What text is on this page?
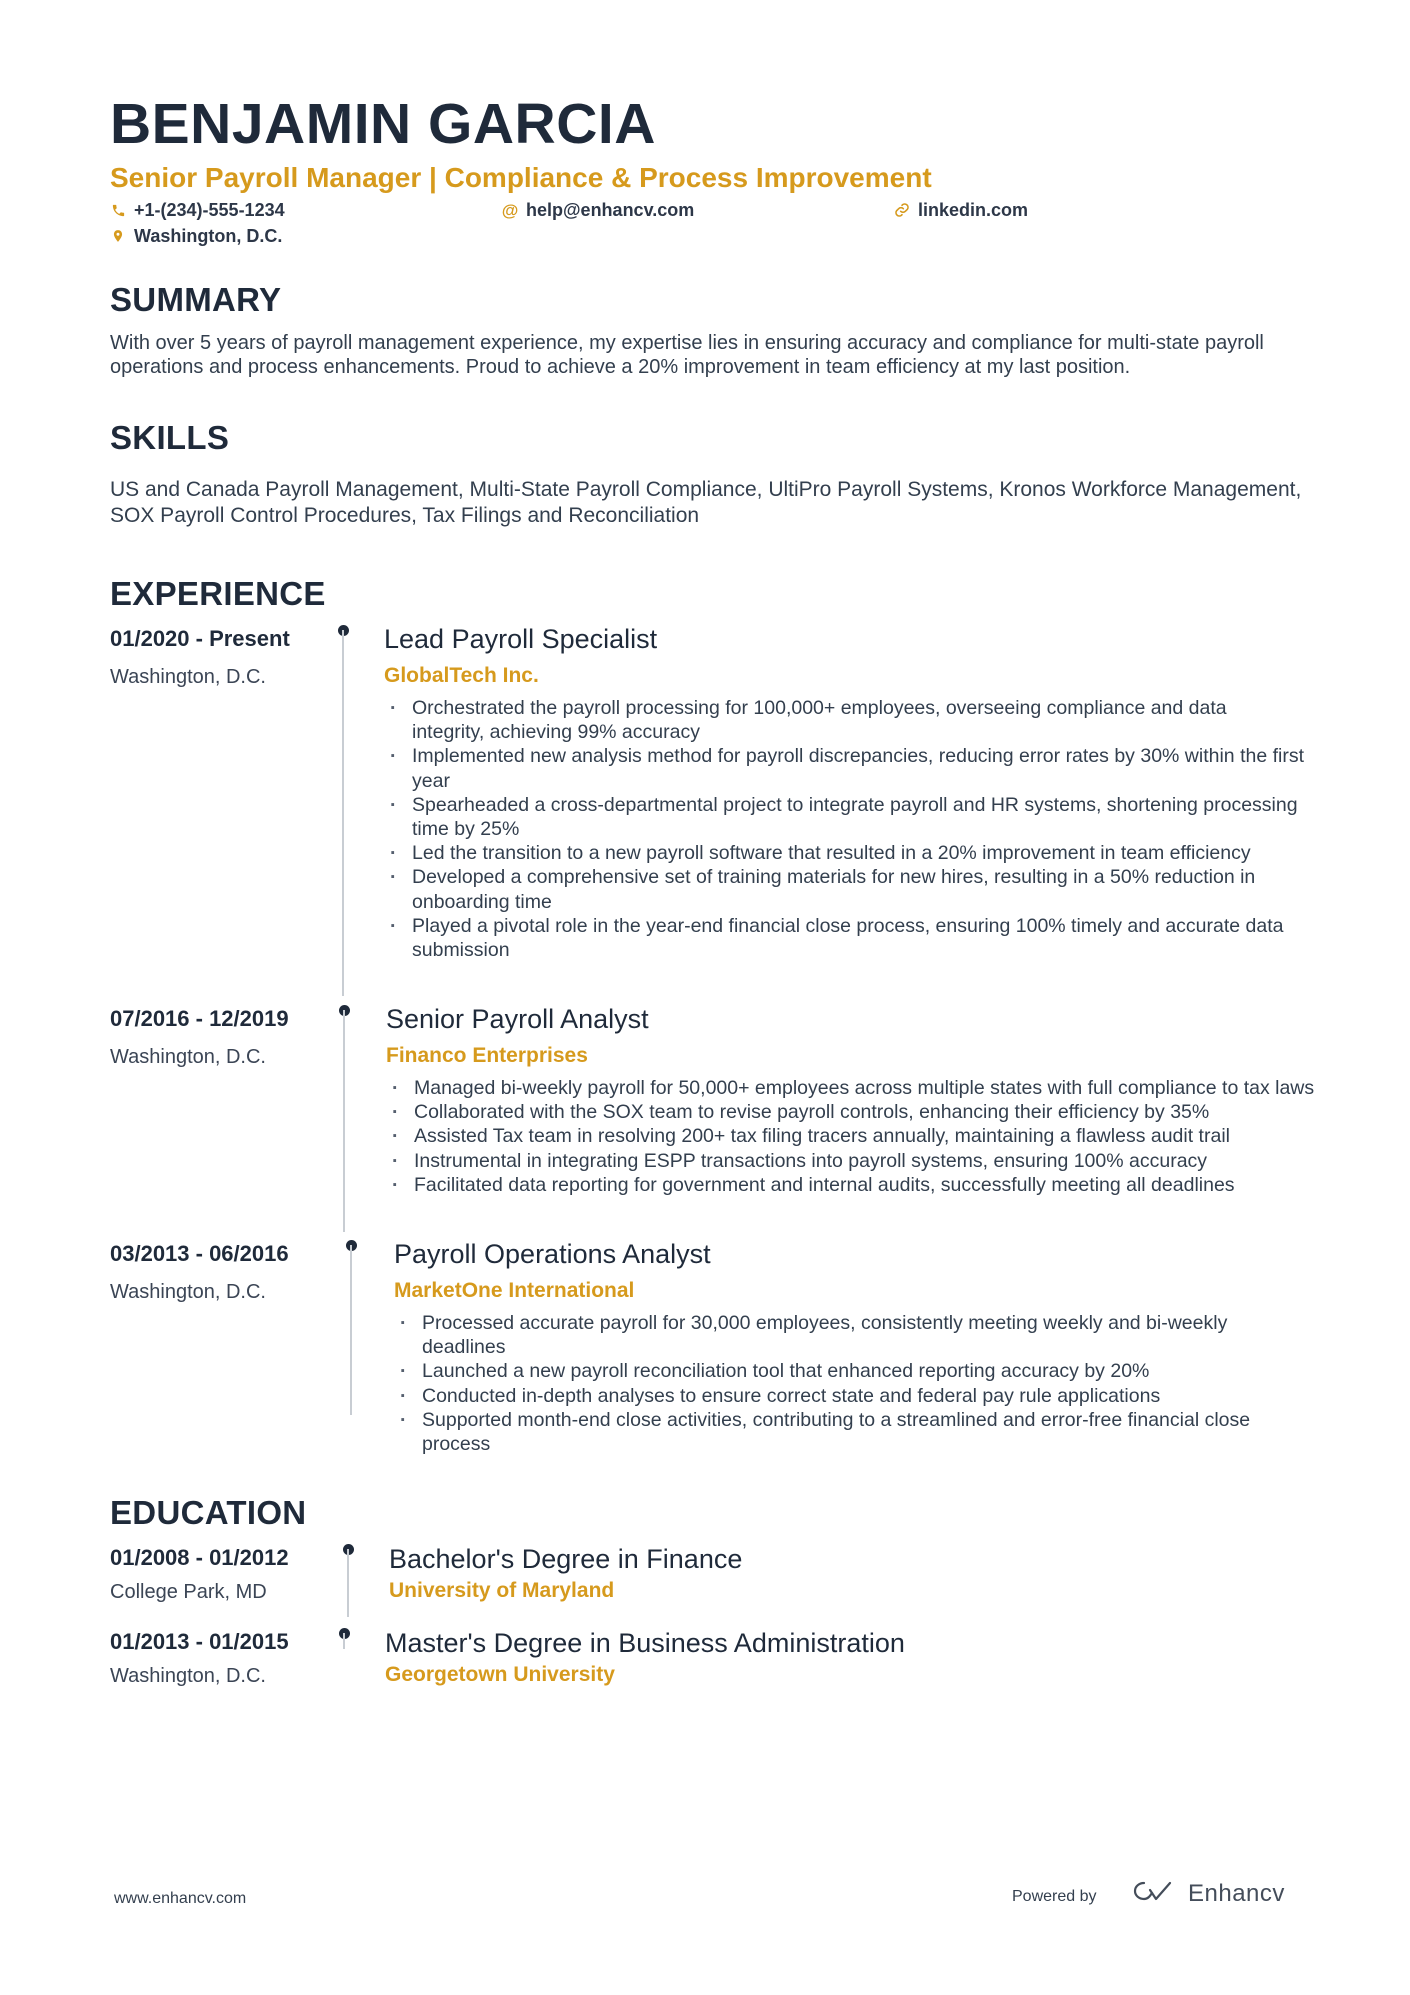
BENJAMIN GARCIA
Senior Payroll Manager | Compliance & Process Improvement
+1-(234)-555-1234	@ help@enhancv.com	linkedin.com
Washington, D.C.
SUMMARY
With over 5 years of payroll management experience, my expertise lies in ensuring accuracy and compliance for multi-state payroll operations and process enhancements. Proud to achieve a 20% improvement in team efficiency at my last position.
SKILLS
US and Canada Payroll Management, Multi-State Payroll Compliance, UltiPro Payroll Systems, Kronos Workforce Management, SOX Payroll Control Procedures, Tax Filings and Reconciliation
EXPERIENCE
01/2020 - Present
Washington, D.C.
Lead Payroll Specialist
GlobalTech Inc.
· Orchestrated the payroll processing for 100,000+ employees, overseeing compliance and data integrity, achieving 99% accuracy
· Implemented new analysis method for payroll discrepancies, reducing error rates by 30% within the first year
· Spearheaded a cross-departmental project to integrate payroll and HR systems, shortening processing time by 25%
· Led the transition to a new payroll software that resulted in a 20% improvement in team efficiency
· Developed a comprehensive set of training materials for new hires, resulting in a 50% reduction in onboarding time
· Played a pivotal role in the year-end financial close process, ensuring 100% timely and accurate data submission
07/2016 - 12/2019
Washington, D.C.
Senior Payroll Analyst
Financo Enterprises
· Managed bi-weekly payroll for 50,000+ employees across multiple states with full compliance to tax laws
· Collaborated with the SOX team to revise payroll controls, enhancing their efficiency by 35%
· Assisted Tax team in resolving 200+ tax filing tracers annually, maintaining a flawless audit trail
· Instrumental in integrating ESPP transactions into payroll systems, ensuring 100% accuracy
· Facilitated data reporting for government and internal audits, successfully meeting all deadlines
03/2013 - 06/2016
Washington, D.C.
Payroll Operations Analyst
MarketOne International
· Processed accurate payroll for 30,000 employees, consistently meeting weekly and bi-weekly deadlines
· Launched a new payroll reconciliation tool that enhanced reporting accuracy by 20%
· Conducted in-depth analyses to ensure correct state and federal pay rule applications
· Supported month-end close activities, contributing to a streamlined and error-free financial close process
EDUCATION
01/2008 - 01/2012
College Park, MD
Bachelor's Degree in Finance
University of Maryland
01/2013 - 01/2015
Washington, D.C.
Master's Degree in Business Administration
Georgetown University
www.enhancv.com	Powered by	Enhancv
